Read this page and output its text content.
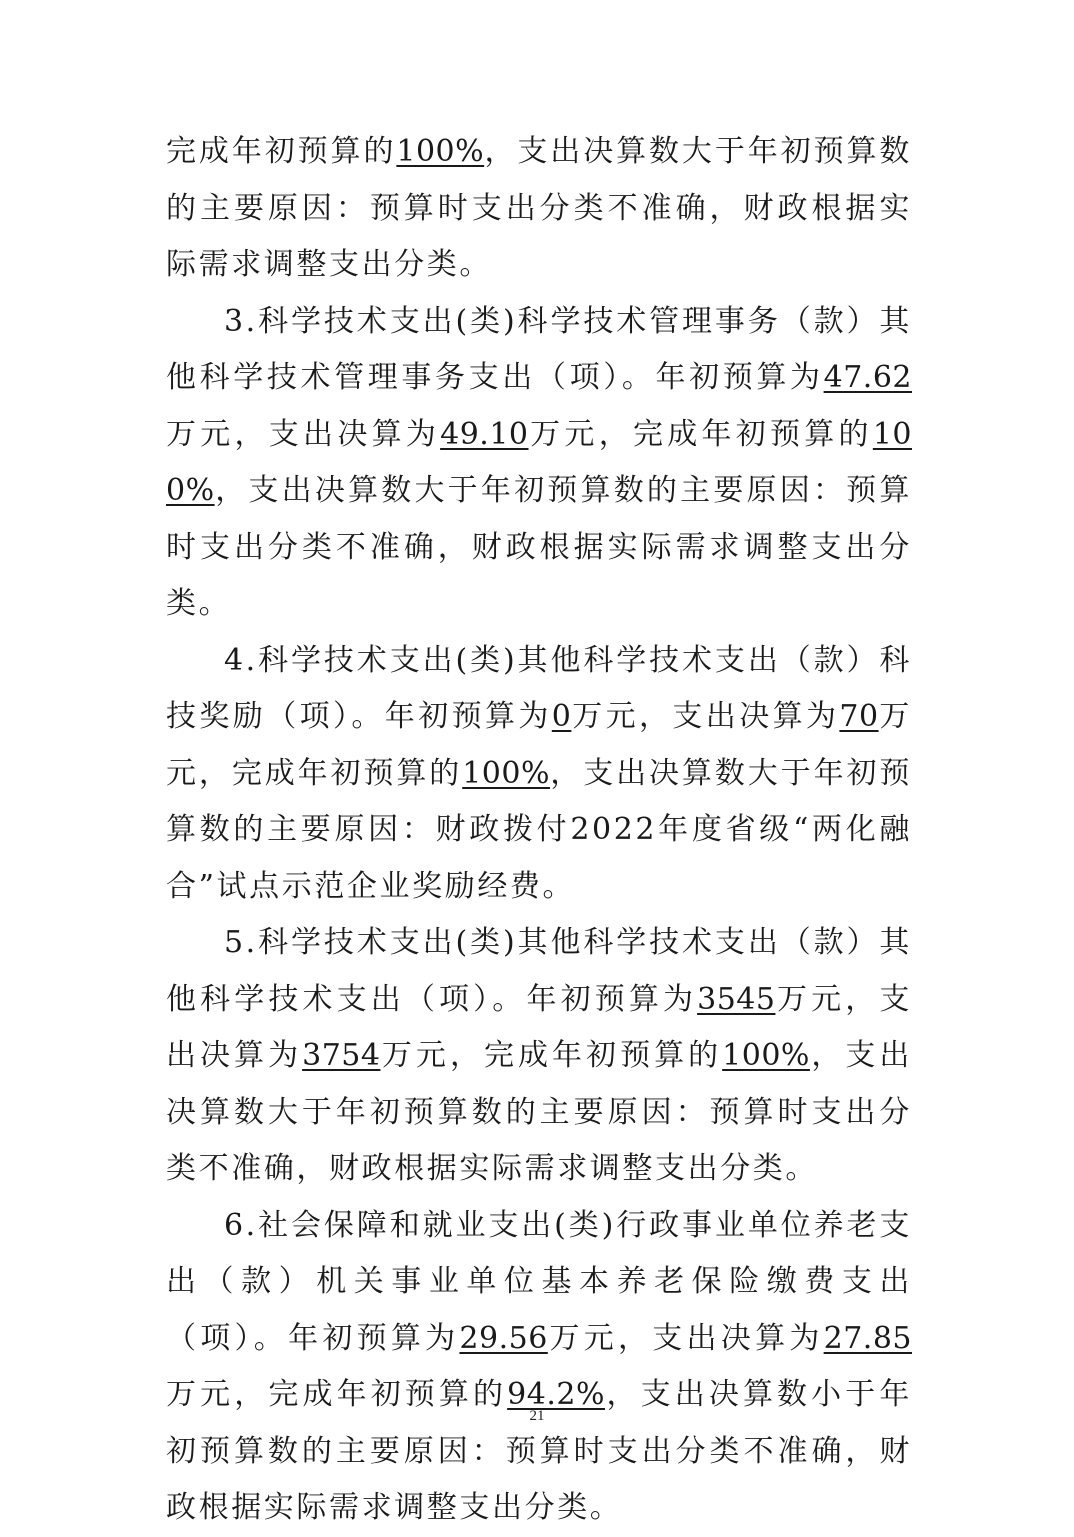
完成年初预算的100%，支出决算数大于年初预算数的主要原因：预算时支出分类不准确，财政根据实际需求调整支出分类。

3.科学技术支出(类)科学技术管理事务（款）其他科学技术管理事务支出（项）。年初预算为47.62万元，支出决算为49.10万元，完成年初预算的100%，支出决算数大于年初预算数的主要原因：预算时支出分类不准确，财政根据实际需求调整支出分类。

4.科学技术支出(类)其他科学技术支出（款）科技奖励（项）。年初预算为0万元，支出决算为70万元，完成年初预算的100%，支出决算数大于年初预算数的主要原因：财政拨付2022年度省级“两化融合”试点示范企业奖励经费。

5.科学技术支出(类)其他科学技术支出（款）其他科学技术支出（项）。年初预算为3545万元，支出决算为3754万元，完成年初预算的100%，支出决算数大于年初预算数的主要原因：预算时支出分类不准确，财政根据实际需求调整支出分类。

6.社会保障和就业支出(类)行政事业单位养老支出（款）机关事业单位基本养老保险缴费支出（项）。年初预算为29.56万元，支出决算为27.85万元，完成年初预算的94.2%，支出决算数小于年初预算数的主要原因：预算时支出分类不准确，财政根据实际需求调整支出分类。

21
